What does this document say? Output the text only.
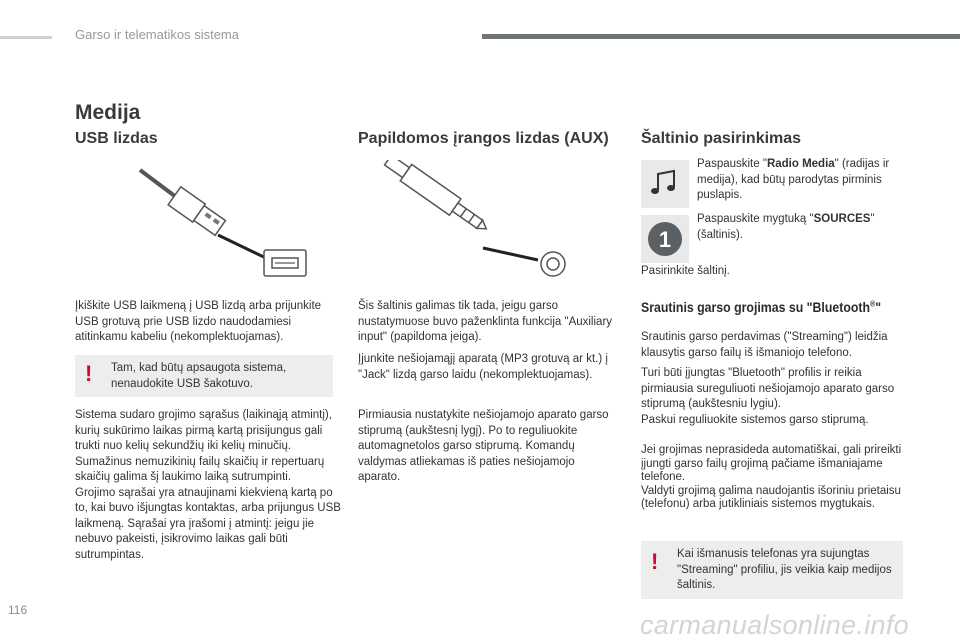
Garso ir telematikos sistema
Medija
USB lizdas	Papildomos įrangos lizdas (AUX) Šaltinio pasirinkimas
Įkiškite USB laikmeną į USB lizdą arba prijunkite USB grotuvą prie USB lizdo naudodamiesi atitinkamu kabeliu (nekomplektuojamas).
! Tam, kad būtų apsaugota sistema, nenaudokite USB šakotuvo.
Sistema sudaro grojimo sąrašus (laikinąją atmintį), kurių sukūrimo laikas pirmą kartą prisijungus gali trukti nuo kelių sekundžių iki kelių minučių.
Sumažinus nemuzikinių failų skaičių ir repertuarų skaičių galima šį laukimo laiką sutrumpinti.
Grojimo sąrašai yra atnaujinami kiekvieną kartą po to, kai buvo išjungtas kontaktas, arba prijungus USB laikmeną. Sąrašai yra įrašomi į atmintį: jeigu jie nebuvo pakeisti, įsikrovimo laikas gali būti sutrumpintas.
Šis šaltinis galimas tik tada, jeigu garso nustatymuose buvo paženklinta funkcija "Auxiliary input" (papildoma įeiga).
Įjunkite nešiojamąjį aparatą (MP3 grotuvą ar kt.) į "Jack" lizdą garso laidu (nekomplektuojamas).
Pirmiausia nustatykite nešiojamojo aparato garso stiprumą (aukštesnį lygį). Po to reguliuokite automagnetolos garso stiprumą. Komandų valdymas atliekamas iš paties nešiojamojo aparato.
Paspauskite "Radio Media" (radijas ir medija), kad būtų parodytas pirminis puslapis.
1
Paspauskite mygtuką "SOURCES" (šaltinis).
Pasirinkite šaltinį.
Srautinis garso grojimas su "Bluetooth®"
Srautinis garso perdavimas ("Streaming") leidžia klausytis garso failų iš išmaniojo telefono.
Turi būti įjungtas "Bluetooth" profilis ir reikia pirmiausia sureguliuoti nešiojamojo aparato garso stiprumą (aukštesniu lygiu).
Paskui reguliuokite sistemos garso stiprumą.
Jei grojimas neprasideda automatiškai, gali prireikti įjungti garso failų grojimą pačiame išmaniajame telefone.
Valdyti grojimą galima naudojantis išoriniu prietaisu (telefonu) arba jutikliniais sistemos mygtukais.
! Kai išmanusis telefonas yra sujungtas "Streaming" profiliu, jis veikia kaip medijos šaltinis.
116	carmanualsonline.info
